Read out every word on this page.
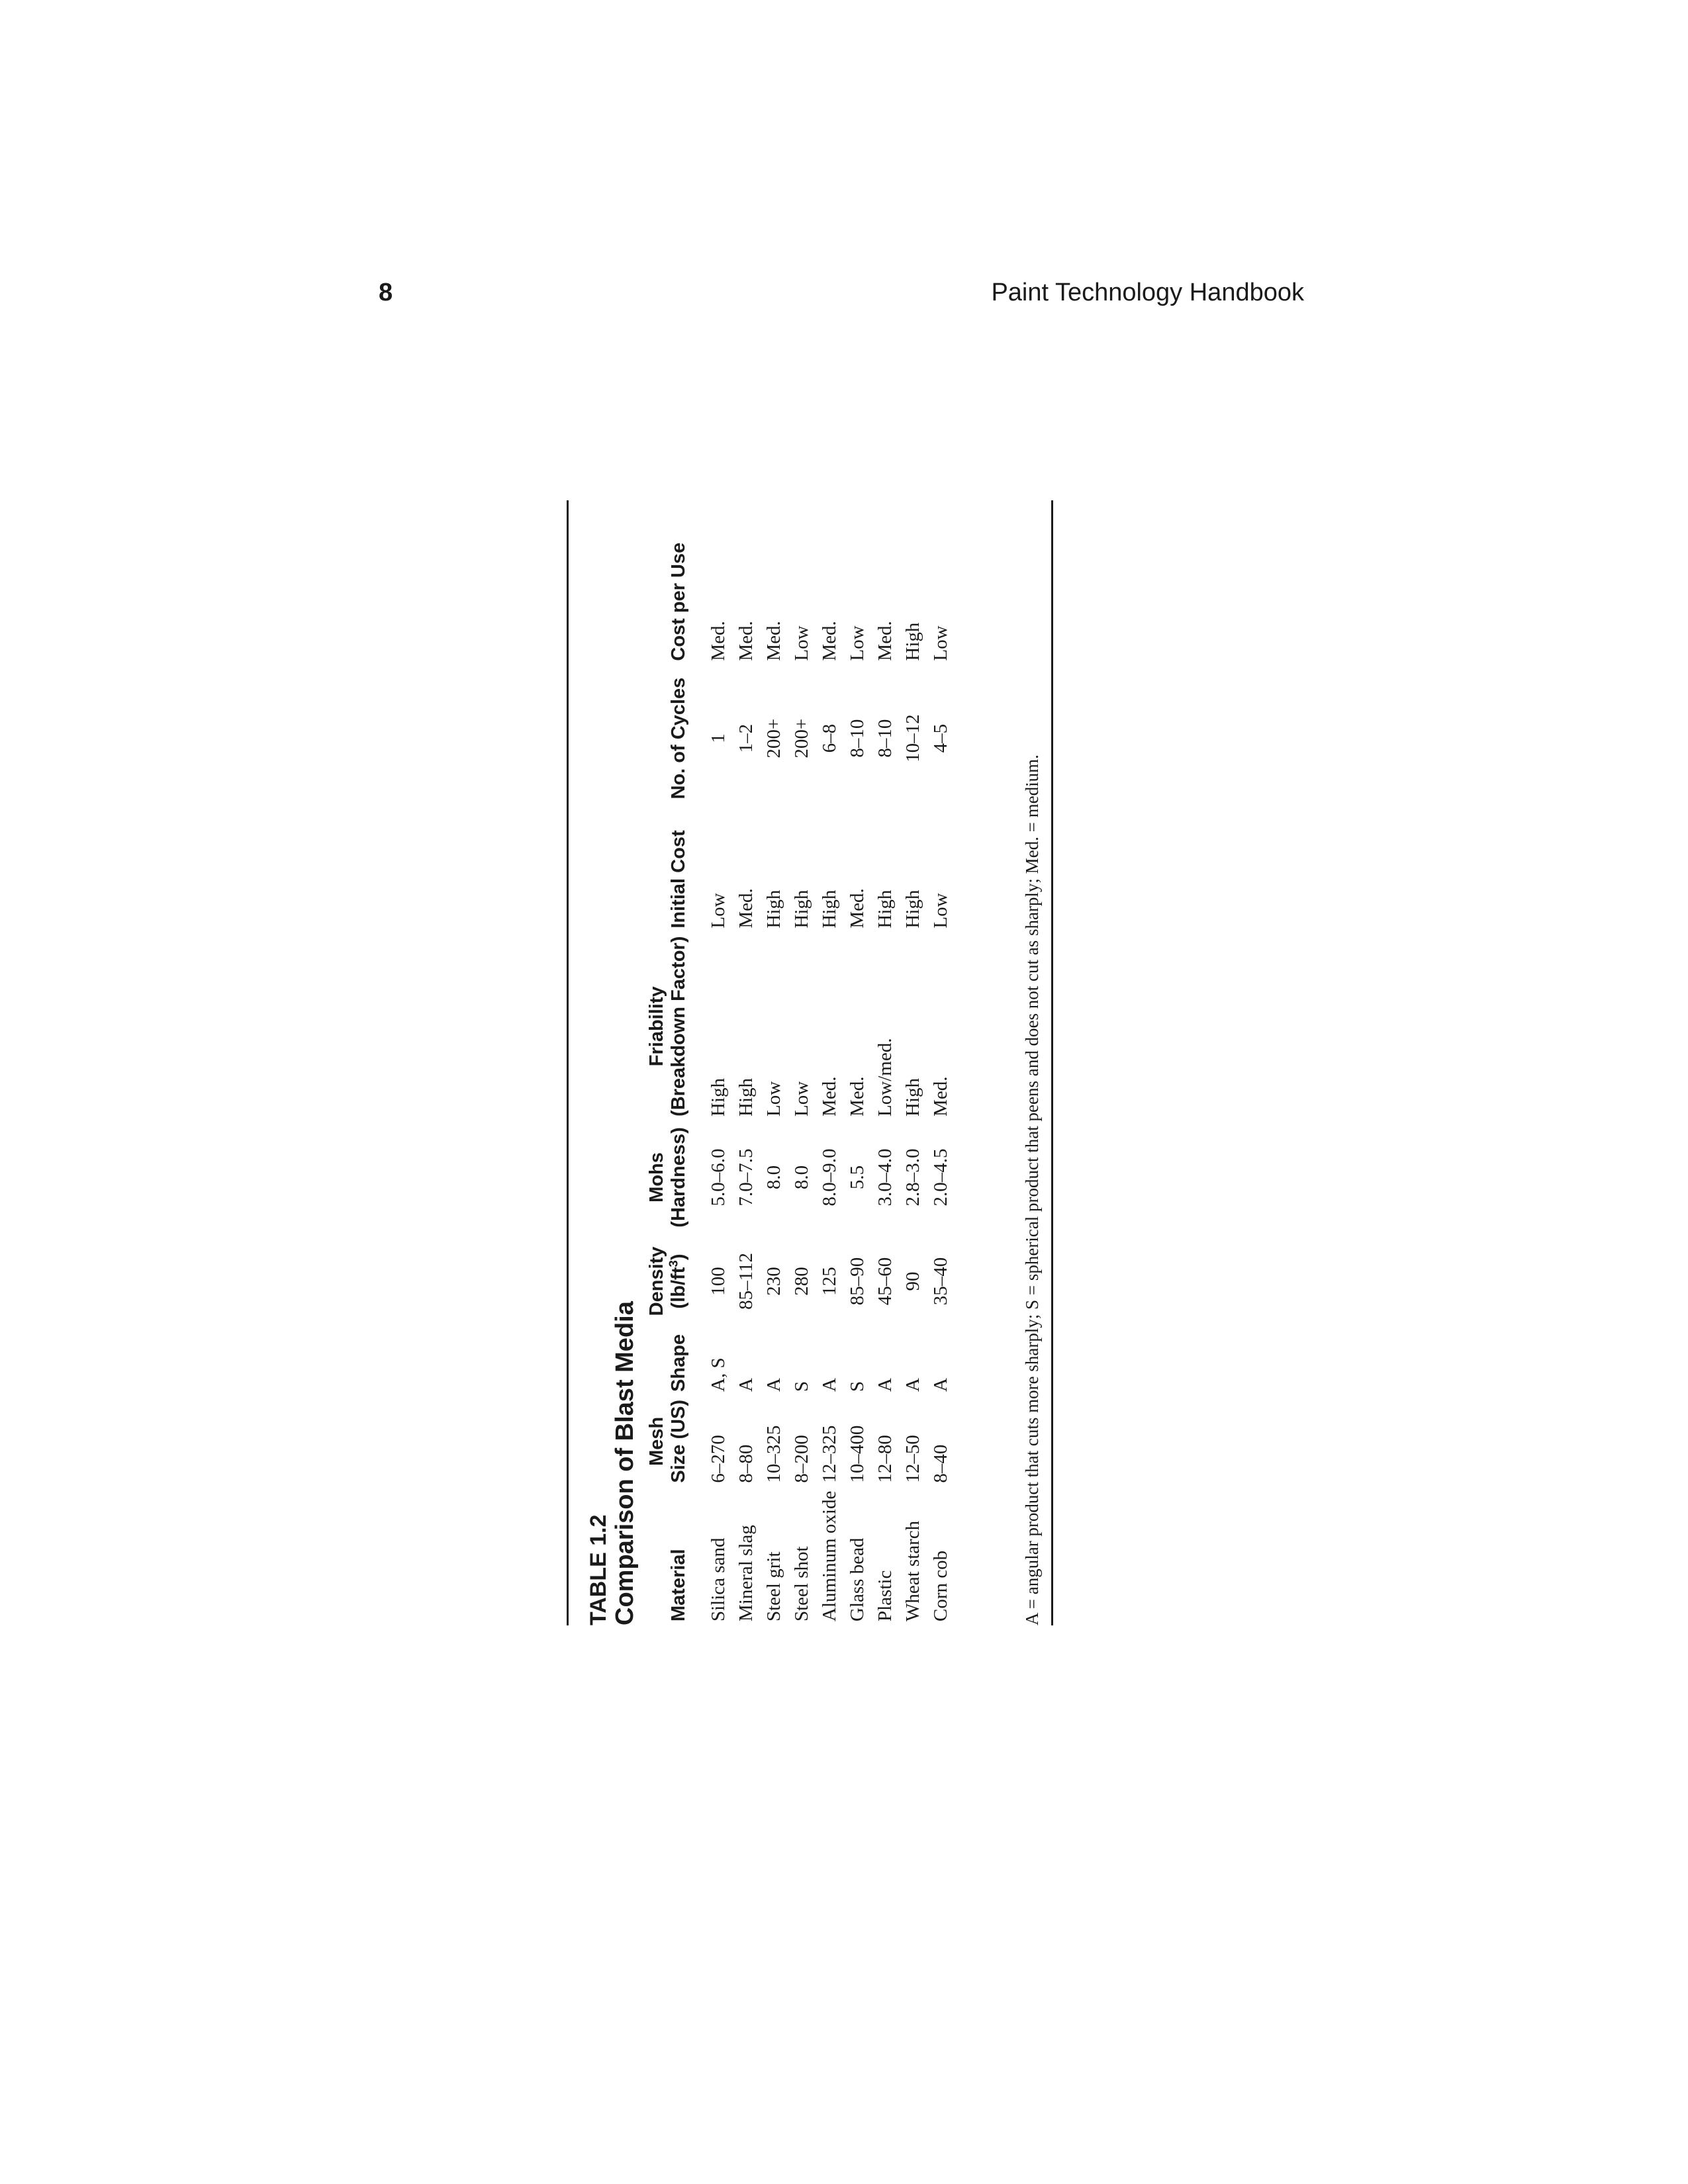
8	Paint Technology Handbook
TABLE 1.2 Comparison of Blast Media Material	Mesh Size (US)	Shape	Density $(lb/ft^3)$	Mohs (Hardness)	Friability (Breakdown Factor)	Initial Cost	No. of Cycles	Cost per Use
Silica sand	6–270	A, S	100	5.0–6.0	High	Low	1	Med.
Mineral slag	8–80	A	85–112	7.0–7.5	High	Med.	1–2	Med.
Steel grit	10–325	A	230	8.0	Low	High	200+	Med.
Steel shot	8–200	S	280	8.0	Low	High	200+	Low
Aluminum oxide	12–325	A	125	8.0–9.0	Med.	High	6–8	Med.
Glass bead	10–400	S	85–90	5.5	Med.	Med.	8–10	Low
Plastic	12–80	A	45–60	3.0–4.0	Low/med.	High	8–10	Med.
Wheat starch	12–50	A	90	2.8–3.0	High	High	10–12	High
Corn cob	8–40	A	35–40	2.0–4.5	Med.	Low	4–5	Low
A = angular product that cuts more sharply; S = spherical product that peens and does not cut as sharply; Med. = medium.
